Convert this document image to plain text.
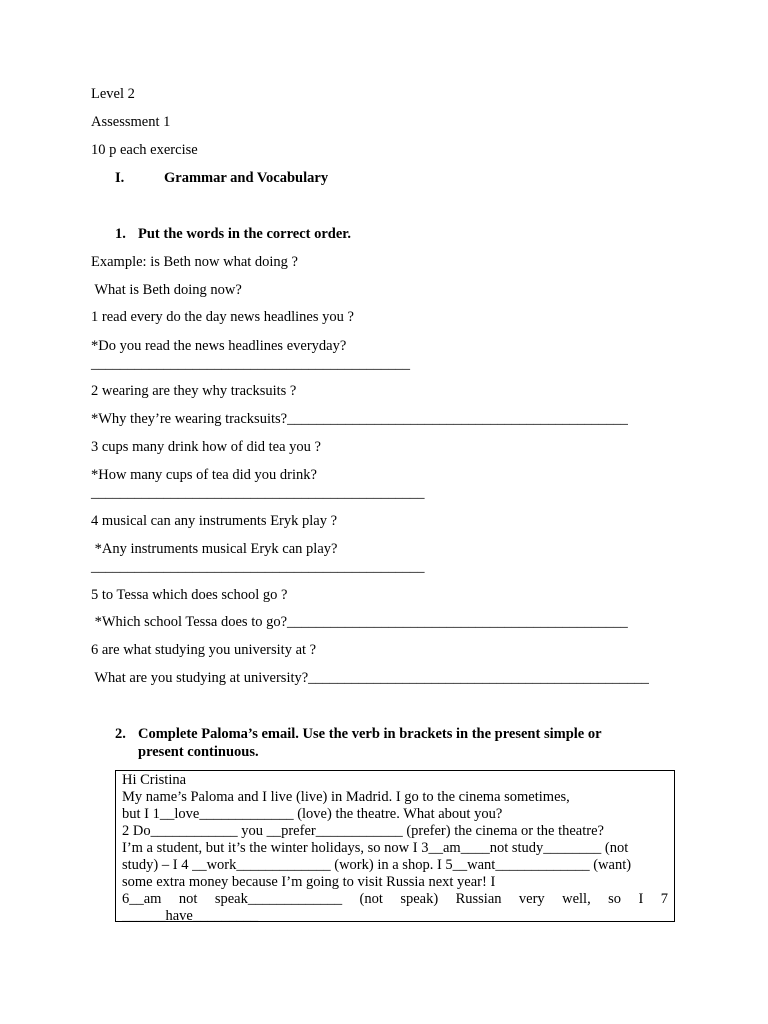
Level 2
Assessment 1
10 p each exercise
I.	Grammar and Vocabulary
1. Put the words in the correct order.
Example: is Beth now what doing ?
What is Beth doing now?
1 read every do the day news headlines you ?
*Do you read the news headlines everyday?
____________________________________________
2 wearing are they why tracksuits ?
*Why they’re wearing tracksuits?_______________________________________________
3 cups many drink how of did tea you ?
*How many cups of tea did you drink?
______________________________________________
4 musical can any instruments Eryk play ?
*Any instruments musical Eryk can play?
______________________________________________
5 to Tessa which does school go ?
*Which school Tessa does to go?_______________________________________________
6 are what studying you university at ?
What are you studying at university?_______________________________________________
2. Complete Paloma’s email. Use the verb in brackets in the present simple or
present continuous.
Hi Cristina
My name’s Paloma and I live (live) in Madrid. I go to the cinema sometimes,
but I 1__love_____________ (love) the theatre. What about you?
2 Do____________ you __prefer____________ (prefer) the cinema or the theatre?
I’m a student, but it’s the winter holidays, so now I 3__am____not study________ (not
study) – I 4 __work_____________ (work) in a shop. I 5__want_____________ (want)
some extra money because I’m going to visit Russia next year! I
6__am not speak_____________ (not speak) Russian very well, so I 7
______have_________
